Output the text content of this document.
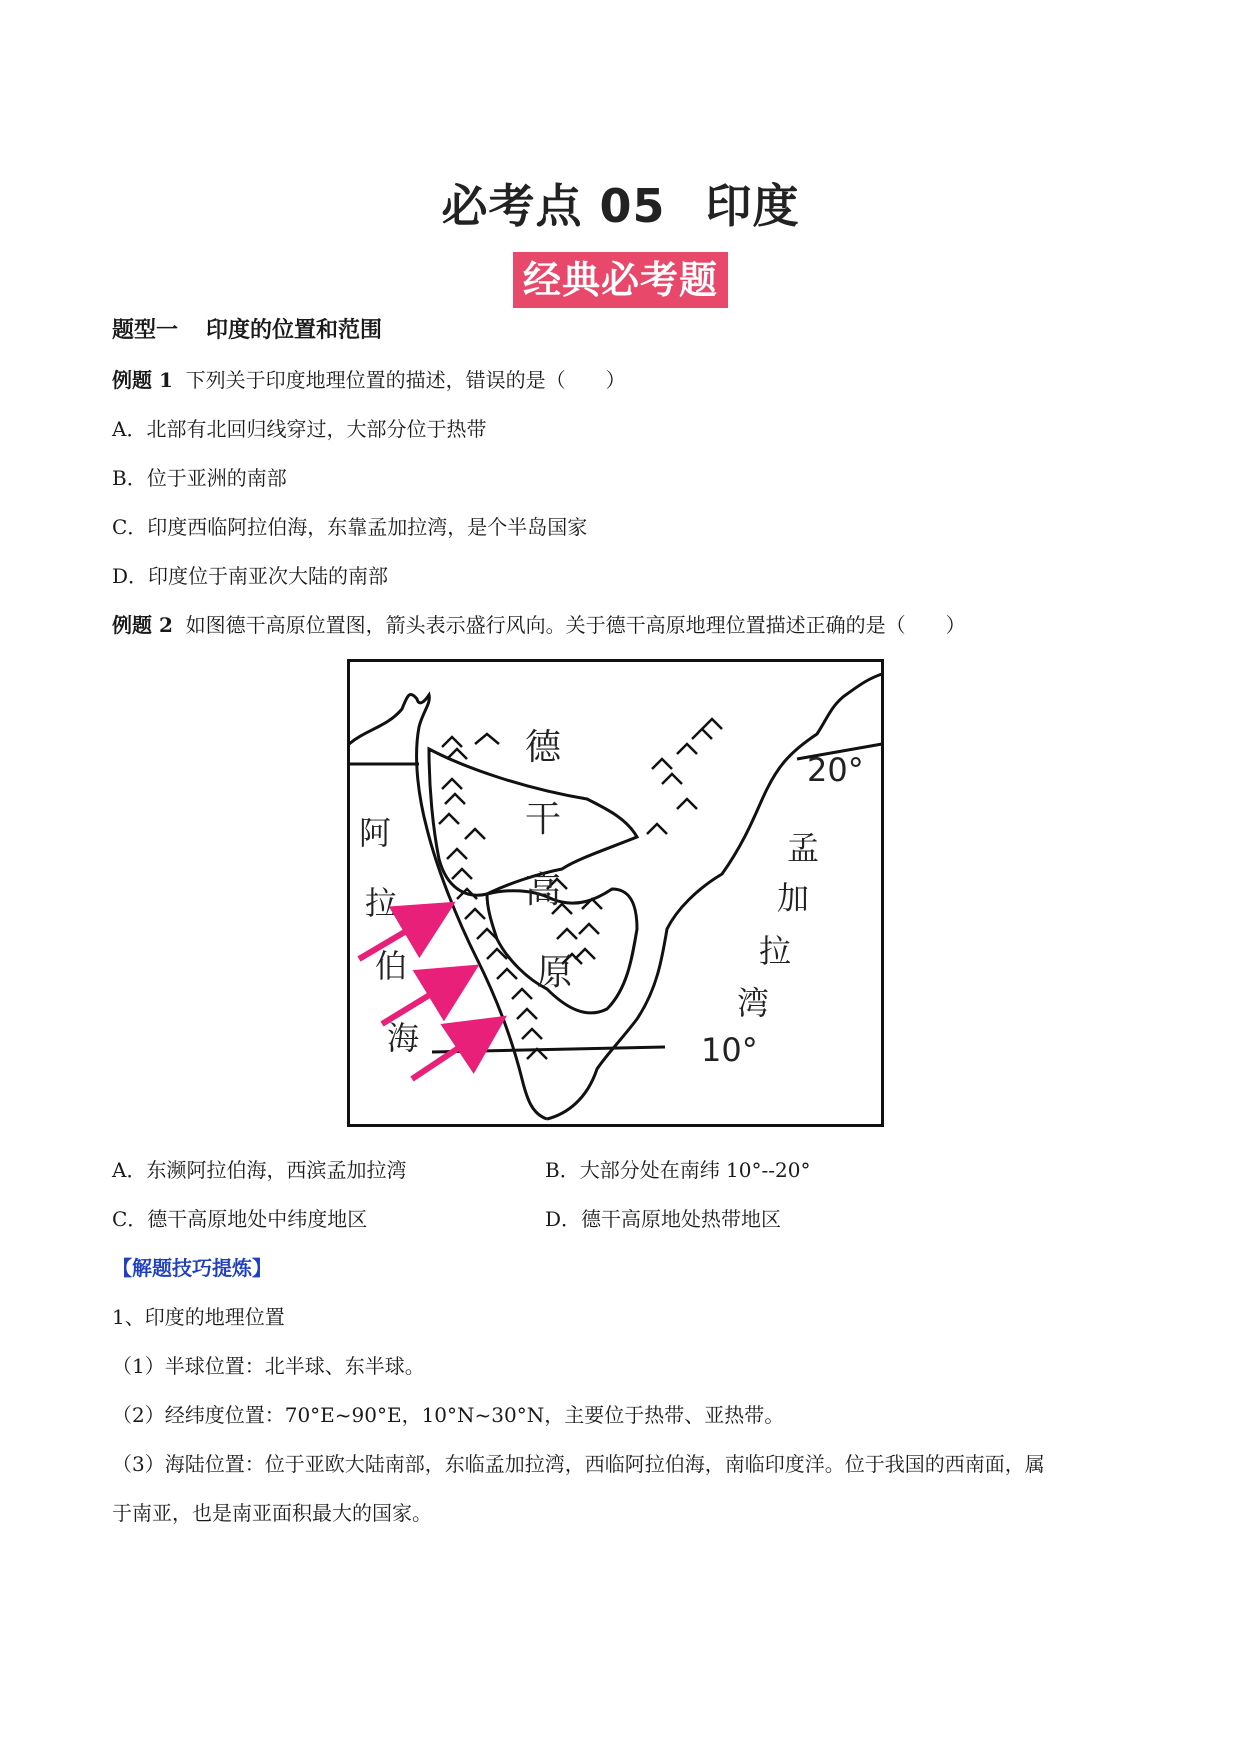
必考点 05 印度
经典必考题
题型一 印度的位置和范围
例题 1 下列关于印度地理位置的描述，错误的是（　　）
A．北部有北回归线穿过，大部分位于热带
B．位于亚洲的南部
C．印度西临阿拉伯海，东靠孟加拉湾，是个半岛国家
D．印度位于南亚次大陆的南部
例题 2 如图德干高原位置图，箭头表示盛行风向。关于德干高原地理位置描述正确的是（　　）
德
干
高
原
阿
拉
伯
海
孟
加
拉
湾
20°
10°
A．东濒阿拉伯海，西滨孟加拉湾	B．大部分处在南纬 10°--20°
C．德干高原地处中纬度地区	D．德干高原地处热带地区
【解题技巧提炼】
1、印度的地理位置
（1）半球位置：北半球、东半球。
（2）经纬度位置：70°E~90°E，10°N~30°N，主要位于热带、亚热带。
（3）海陆位置：位于亚欧大陆南部，东临孟加拉湾，西临阿拉伯海，南临印度洋。位于我国的西南面，属
于南亚，也是南亚面积最大的国家。
